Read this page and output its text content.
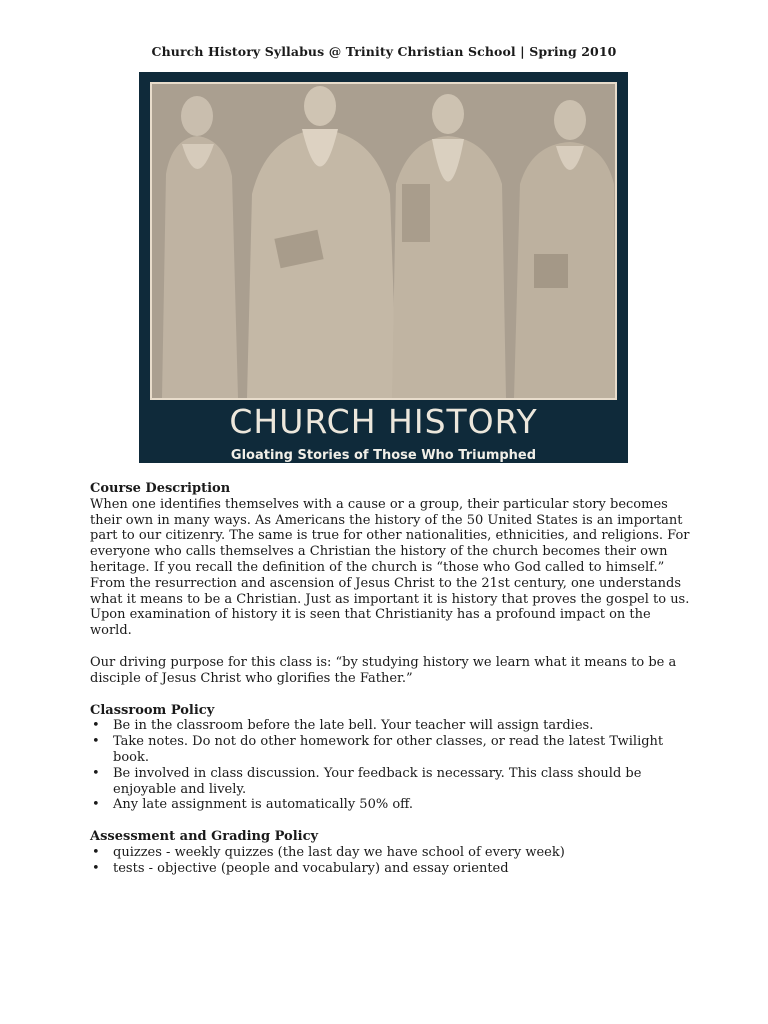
Church History Syllabus @ Trinity Christian School | Spring 2010
CHURCH HISTORY
Gloating Stories of Those Who Triumphed
Course Description

When one identifies themselves with a cause or a group, their particular story becomes their own in many ways. As Americans the history of the 50 United States is an important part to our citizenry. The same is true for other nationalities, ethnicities, and religions. For everyone who calls themselves a Christian the history of the church becomes their own heritage. If you recall the definition of the church is “those who God called to himself.” From the resurrection and ascension of Jesus Christ to the 21st century, one understands what it means to be a Christian. Just as important it is history that proves the gospel to us. Upon examination of history it is seen that Christianity has a profound impact on the world.

Our driving purpose for this class is: “by studying history we learn what it means to be a disciple of Jesus Christ who glorifies the Father.”

Classroom Policy
• Be in the classroom before the late bell. Your teacher will assign tardies.
• Take notes. Do not do other homework for other classes, or read the latest Twilight book.
• Be involved in class discussion. Your feedback is necessary. This class should be enjoyable and lively.
• Any late assignment is automatically 50% off.
Assessment and Grading Policy
• quizzes - weekly quizzes (the last day we have school of every week)
• tests - objective (people and vocabulary) and essay oriented
